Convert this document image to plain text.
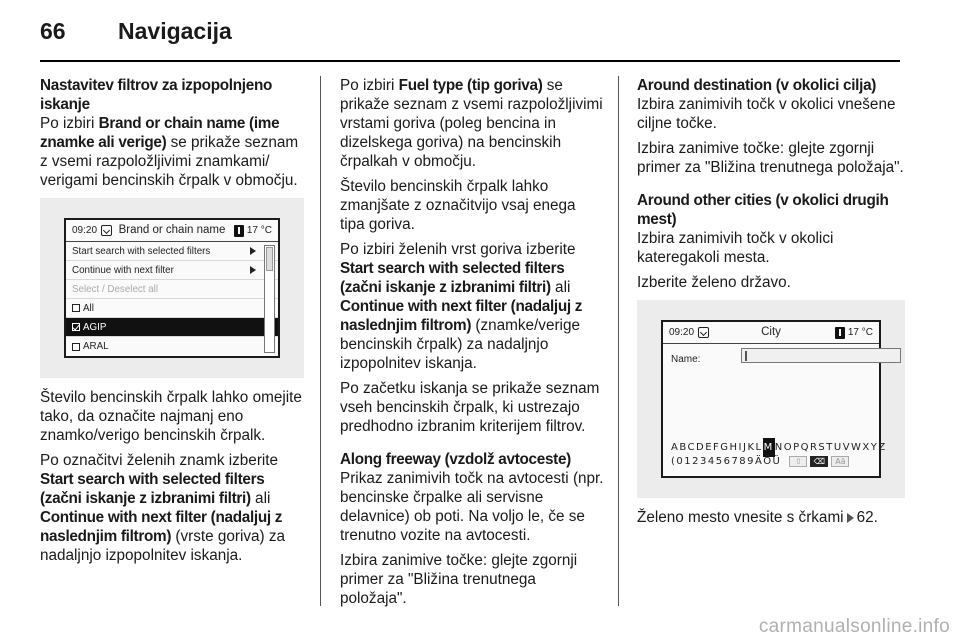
66 Navigacija

Nastavitev filtrov za izpopolnjeno iskanje

Po izbiri Brand or chain name (ime znamke ali verige) se prikaže seznam z vsemi razpoložljivimi znamkami/ verigami bencinskih črpalk v območju.

09:20	Brand or chain name	17 °C
Start search with selected filters
Continue with next filter
Select / Deselect all
All
AGIP
ARAL

Število bencinskih črpalk lahko omejite tako, da označite najmanj eno znamko/verigo bencinskih črpalk.

Po označitvi želenih znamk izberite Start search with selected filters (začni iskanje z izbranimi filtri) ali Continue with next filter (nadaljuj z naslednjim filtrom) (vrste goriva) za nadaljnjo izpopolnitev iskanja.

Po izbiri Fuel type (tip goriva) se prikaže seznam z vsemi razpoložljivimi vrstami goriva (poleg bencina in dizelskega goriva) na bencinskih črpalkah v območju.

Število bencinskih črpalk lahko zmanjšate z označitvijo vsaj enega tipa goriva.

Po izbiri želenih vrst goriva izberite Start search with selected filters (začni iskanje z izbranimi filtri) ali Continue with next filter (nadaljuj z naslednjim filtrom) (znamke/verige bencinskih črpalk) za nadaljnjo izpopolnitev iskanja.

Po začetku iskanja se prikaže seznam vseh bencinskih črpalk, ki ustrezajo predhodno izbranim kriterijem filtrov.

Along freeway (vzdolž avtoceste)

Prikaz zanimivih točk na avtocesti (npr. bencinske črpalke ali servisne delavnice) ob poti. Na voljo le, če se trenutno vozite na avtocesti.

Izbira zanimive točke: glejte zgornji primer za "Bližina trenutnega položaja".

Around destination (v okolici cilja)

Izbira zanimivih točk v okolici vnešene ciljne točke.

Izbira zanimive točke: glejte zgornji primer za "Bližina trenutnega položaja".

Around other cities (v okolici drugih mest)

Izbira zanimivih točk v okolici kateregakoli mesta.

Izberite želeno državo.

09:20	City	17 °C
Name:
ABCDEFGHIJKL M NOPQRSTUVWXYZ
(0123456789ÄÖÜ	⇧	⌫	Aä

Želeno mesto vnesite s črkami 62.

carmanualsonline.info
